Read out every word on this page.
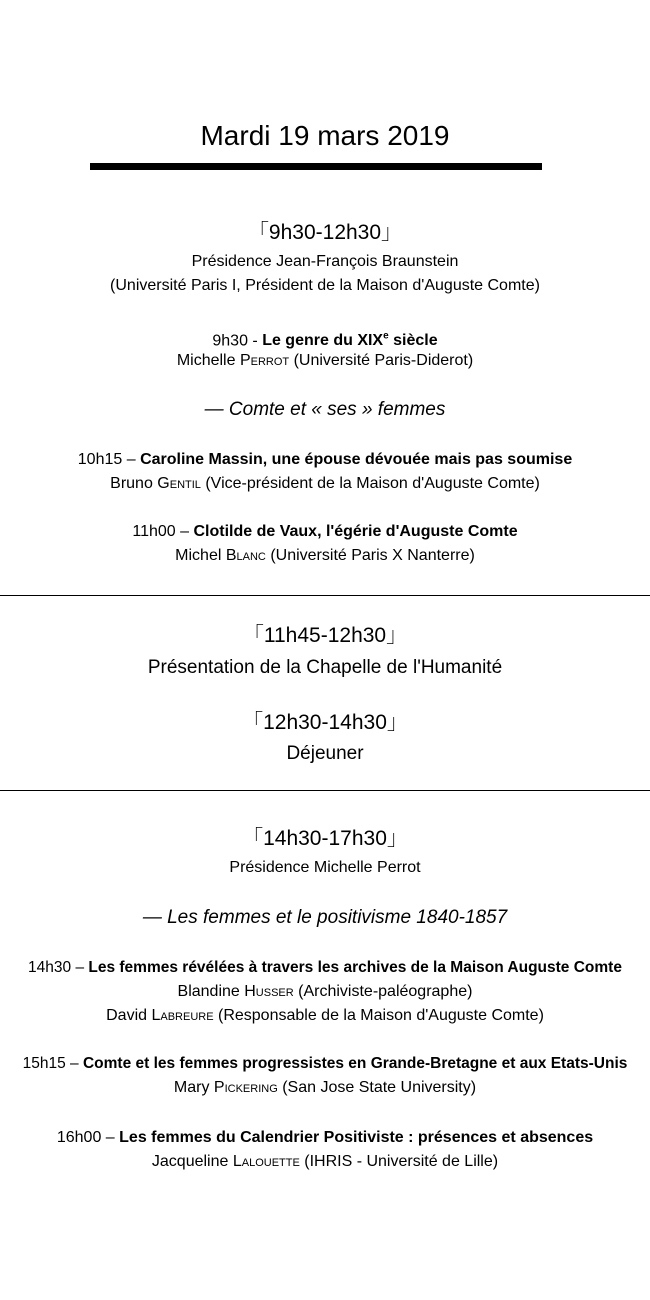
Mardi 19 mars 2019
「9h30-12h30」
Présidence Jean-François Braunstein
(Université Paris I, Président de la Maison d'Auguste Comte)
9h30 - Le genre du XIXe siècle
Michelle Perrot (Université Paris-Diderot)
— Comte et « ses » femmes
10h15 – Caroline Massin, une épouse dévouée mais pas soumise
Bruno Gentil (Vice-président de la Maison d'Auguste Comte)
11h00 – Clotilde de Vaux, l'égérie d'Auguste Comte
Michel Blanc (Université Paris X Nanterre)
「11h45-12h30」
Présentation de la Chapelle de l'Humanité
「12h30-14h30」
Déjeuner
「14h30-17h30」
Présidence Michelle Perrot
— Les femmes et le positivisme 1840-1857
14h30 – Les femmes révélées à travers les archives de la Maison Auguste Comte
Blandine Husser (Archiviste-paléographe)
David Labreure (Responsable de la Maison d'Auguste Comte)
15h15 – Comte et les femmes progressistes en Grande-Bretagne et aux Etats-Unis
Mary Pickering (San Jose State University)
16h00 – Les femmes du Calendrier Positiviste : présences et absences
Jacqueline Lalouette (IHRIS - Université de Lille)
